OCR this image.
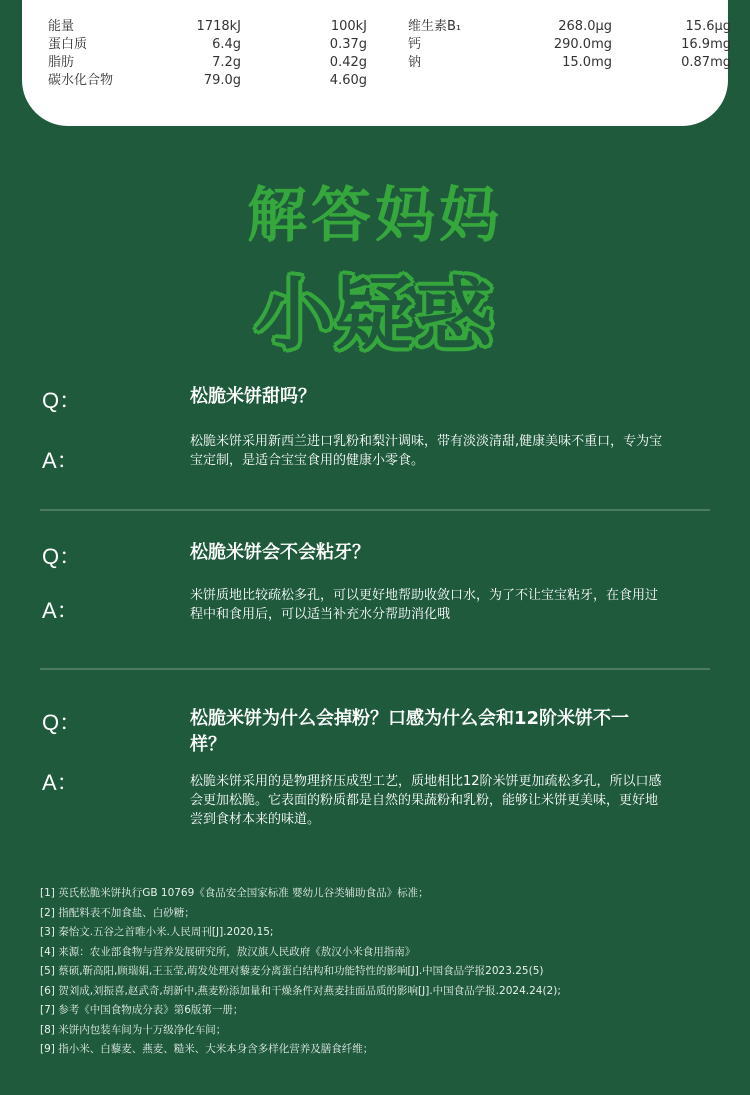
能量	1718kJ	100kJ
蛋白质	6.4g	0.37g
脂肪	7.2g	0.42g
碳水化合物	79.0g	4.60g
维生素B₁	268.0μg	15.6μg
钙	290.0mg	16.9mg
钠	15.0mg	0.87mg
解答妈妈
小疑惑
Q：	松脆米饼甜吗？
A：
松脆米饼采用新西兰进口乳粉和梨汁调味，带有淡淡清甜,健康美味不重口，专为宝宝定制，是适合宝宝食用的健康小零食。
Q：	松脆米饼会不会粘牙？
A：
米饼质地比较疏松多孔，可以更好地帮助收敛口水，为了不让宝宝粘牙，在食用过程中和食用后，可以适当补充水分帮助消化哦
Q：	松脆米饼为什么会掉粉？口感为什么会和12阶米饼不一样？
A：	松脆米饼采用的是物理挤压成型工艺，质地相比12阶米饼更加疏松多孔，所以口感会更加松脆。它表面的粉质都是自然的果蔬粉和乳粉，能够让米饼更美味，更好地尝到食材本来的味道。
[1] 英氏松脆米饼执行GB 10769《食品安全国家标准 婴幼儿谷类辅助食品》标准；
[2] 指配料表不加食盐、白砂糖；
[3] 秦怡文.五谷之首唯小米.人民周刊[J].2020,15;
[4] 来源：农业部食物与营养发展研究所，敖汉旗人民政府《敖汉小米食用指南》
[5] 蔡硕,靳高阳,顾瑞娟,王玉莹,萌发处理对藜麦分离蛋白结构和功能特性的影响[J].中国食品学报2023.25(5)
[6] 贺刘成,刘振喜,赵武奇,胡新中,燕麦粉添加量和干燥条件对燕麦挂面品质的影响[J].中国食品学报.2024.24(2);
[7] 参考《中国食物成分表》第6版第一册；
[8] 米饼内包装车间为十万级净化车间；
[9] 指小米、白藜麦、燕麦、糙米、大米本身含多样化营养及膳食纤维；
